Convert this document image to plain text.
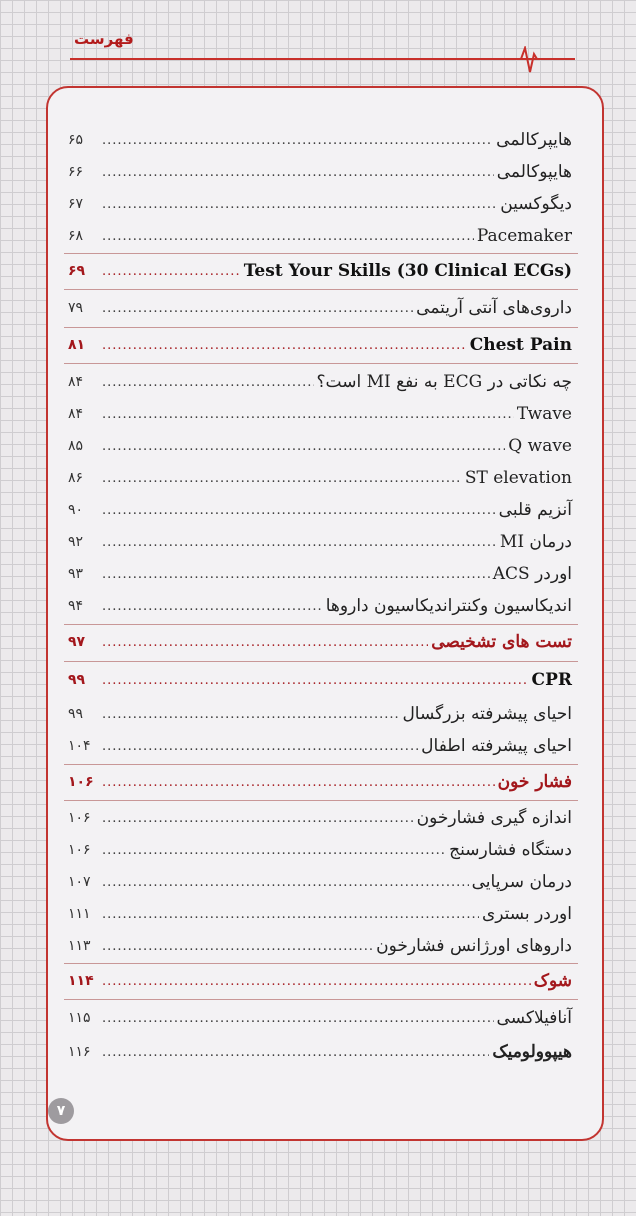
فهرست
هایپرکالمی
.....
۶۵
هایپوکالمی
.....
۶۶
دیگوکسین
.....
۶۷
Pacemaker
.....
۶۸
Test Your Skills (30 Clinical ECGs)
.....
۶۹
داروی‌های آنتی آریتمی
.....
۷۹
Chest Pain
.....
۸۱
چه نکاتی در ECG به نفع MI است؟
.....
۸۴
Twave
.....
۸۴
Q wave
.....
۸۵
ST elevation
.....
۸۶
آنزیم قلبی
.....
۹۰
درمان MI
.....
۹۲
اوردر ACS
.....
۹۳
اندیکاسیون وکنتراندیکاسیون داروها
.....
۹۴
تست های تشخیصی
.....
۹۷
CPR
.....
۹۹
احیای پیشرفته بزرگسال
.....
۹۹
احیای پیشرفته اطفال
.....
۱۰۴
فشار خون
.....
۱۰۶
اندازه گیری فشارخون
.....
۱۰۶
دستگاه فشارسنج
.....
۱۰۶
درمان سرپایی
.....
۱۰۷
اوردر بستری
.....
۱۱۱
داروهای اورژانس فشارخون
.....
۱۱۳
شوک
.....
۱۱۴
آنافیلاکسی
.....
۱۱۵
هیپوولومیک
.....
۱۱۶
۷
